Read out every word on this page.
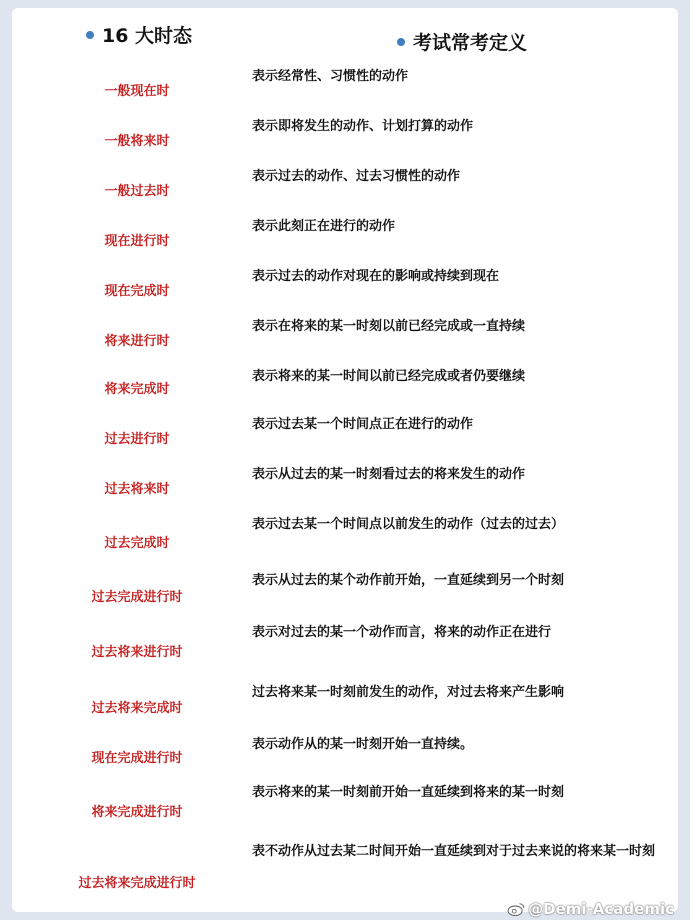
16 大时态	考试常考定义
一般现在时
表示经常性、习惯性的动作
一般将来时
表示即将发生的动作、计划打算的动作
一般过去时
表示过去的动作、过去习惯性的动作
现在进行时
表示此刻正在进行的动作
现在完成时
表示过去的动作对现在的影响或持续到现在
将来进行时
表示在将来的某一时刻以前已经完成或一直持续
将来完成时
表示将来的某一时间以前已经完成或者仍要继续
过去进行时
表示过去某一个时间点正在进行的动作
过去将来时
表示从过去的某一时刻看过去的将来发生的动作
过去完成时
表示过去某一个时间点以前发生的动作（过去的过去）
过去完成进行时
表示从过去的某个动作前开始，一直延续到另一个时刻
过去将来进行时
表示对过去的某一个动作而言，将来的动作正在进行
过去将来完成时
过去将来某一时刻前发生的动作，对过去将来产生影响
现在完成进行时
表示动作从的某一时刻开始一直持续。
将来完成进行时
表示将来的某一时刻前开始一直延续到将来的某一时刻
过去将来完成进行时
表不动作从过去某二时间开始一直延续到对于过去来说的将来某一时刻
@Demi-Academic
